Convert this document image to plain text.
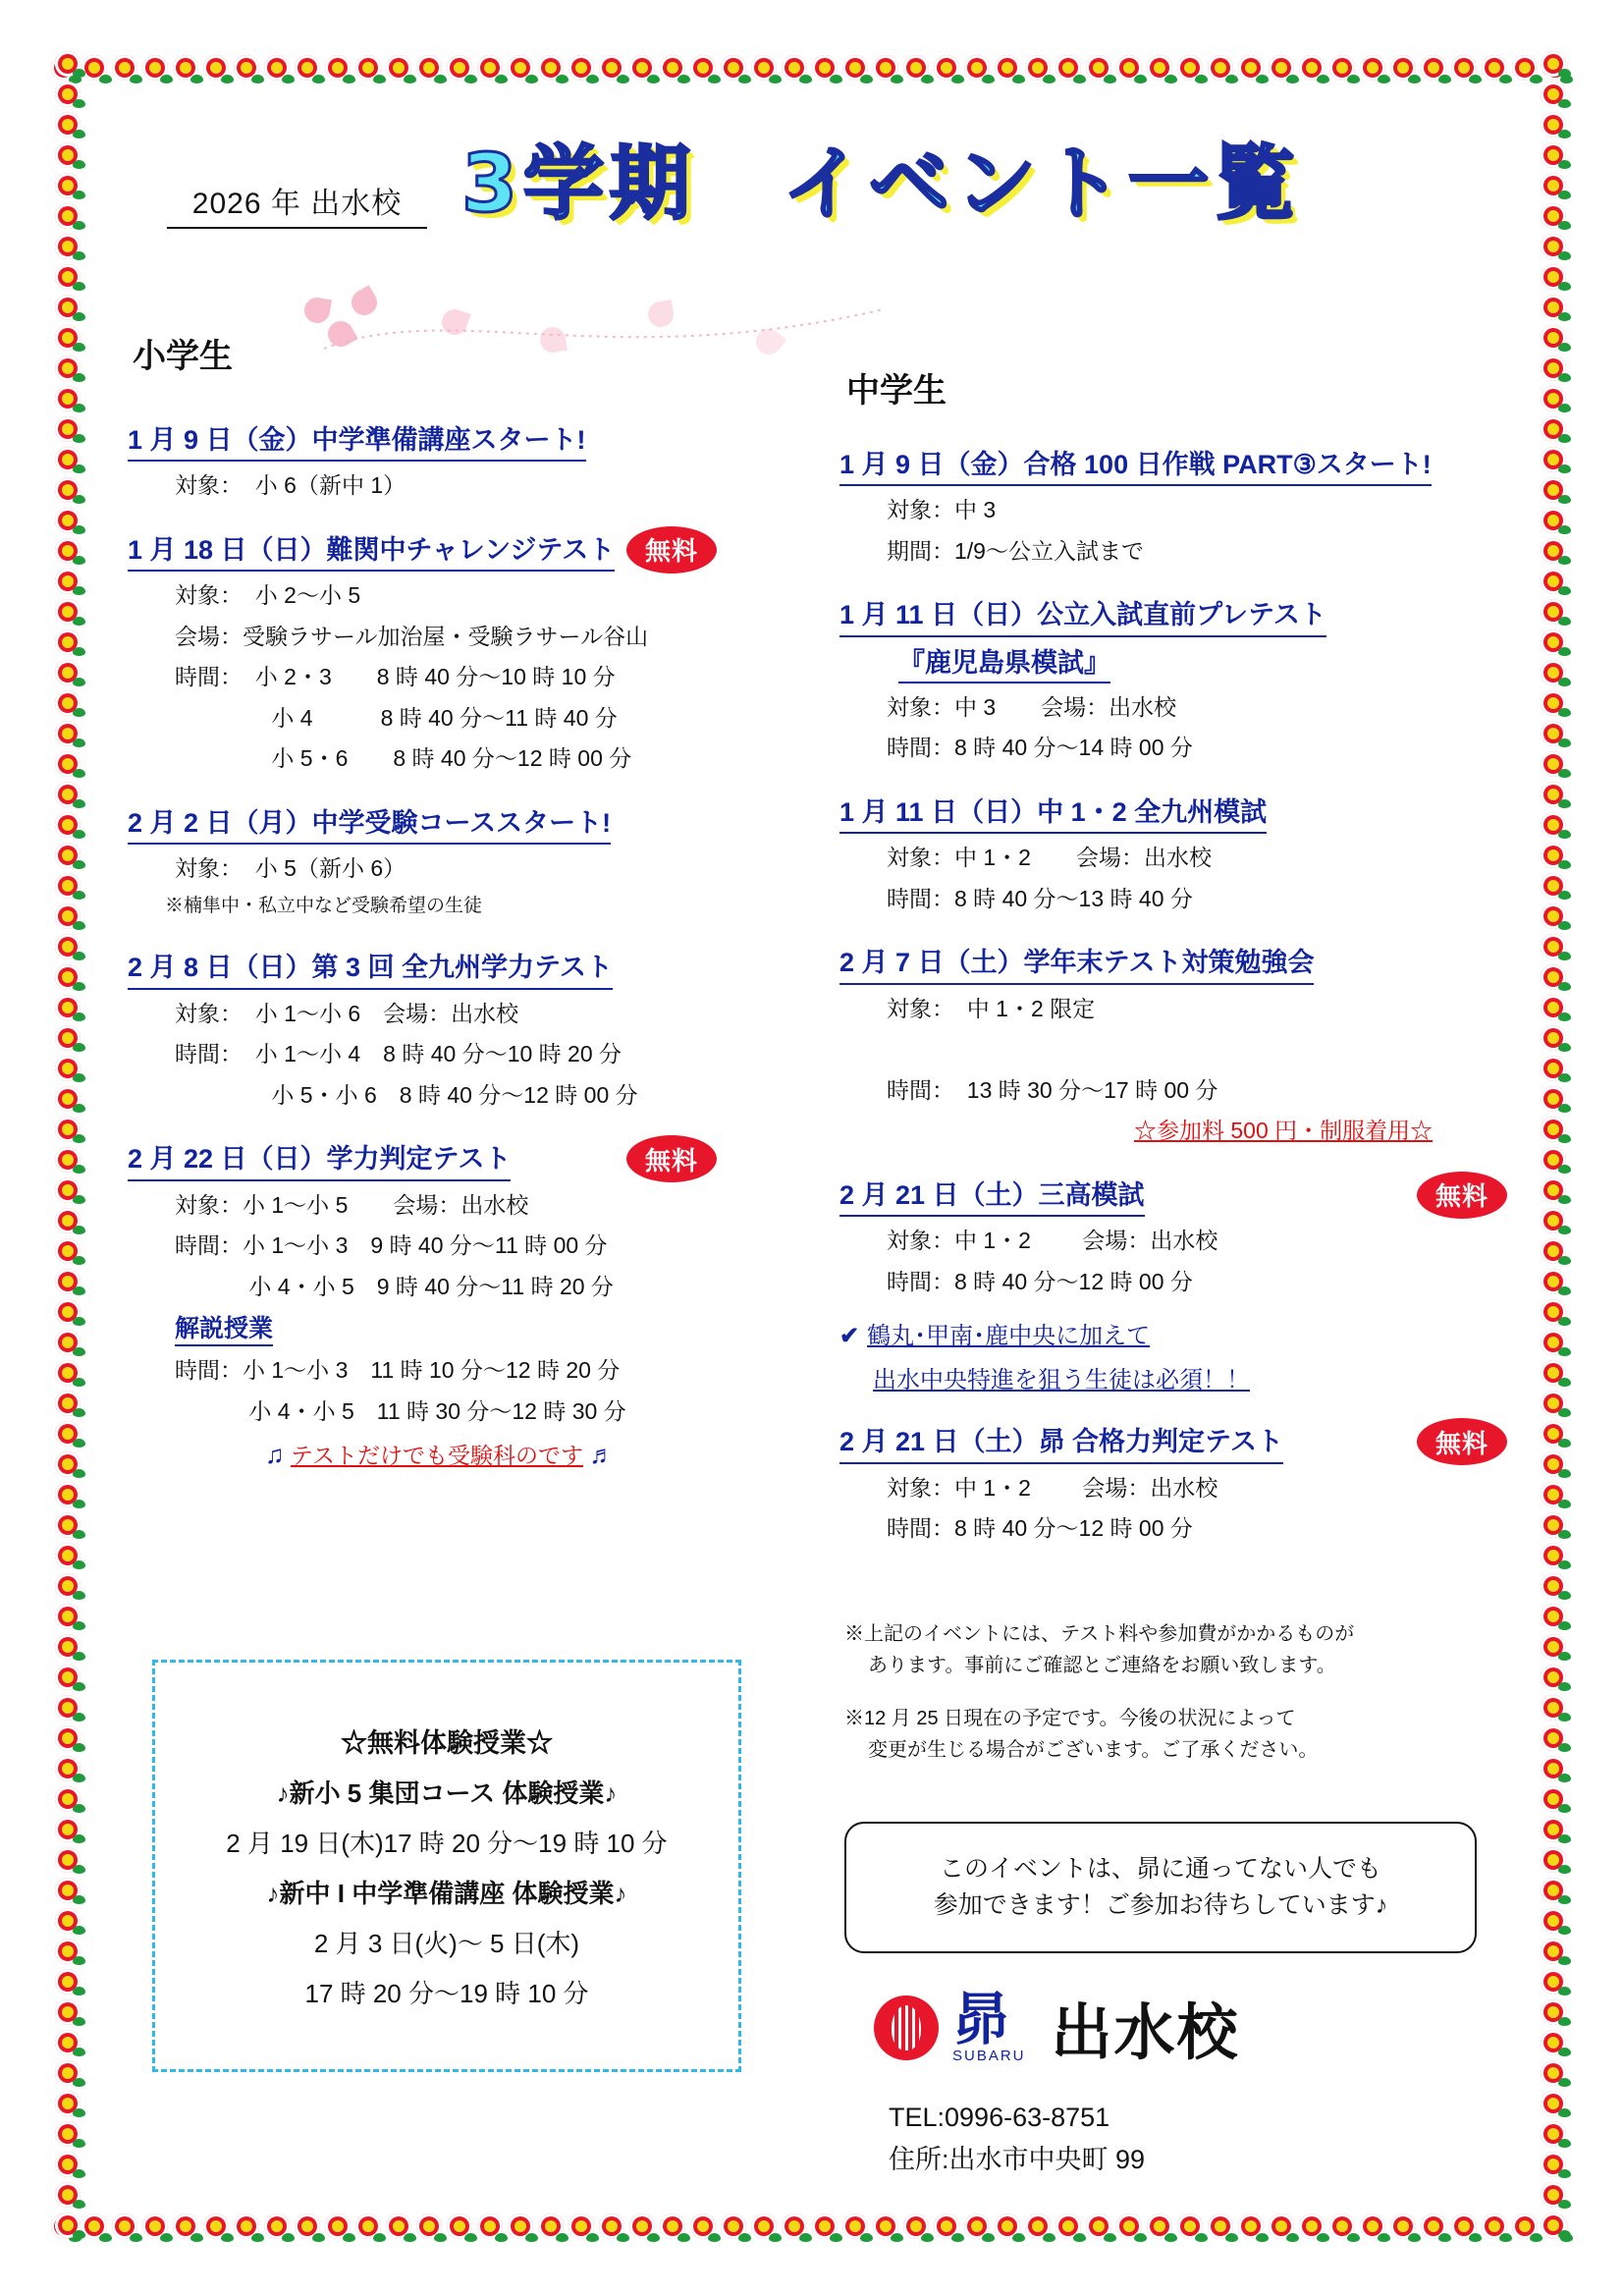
2026 年 出水校 3学期　イベント一覧
小学生
中学生
1 月 9 日（金）中学準備講座スタート!
対象：  小 6（新中 1）
1 月 18 日（日）難関中チャレンジテスト	無料
対象：  小 2〜小 5
会場：受験ラサール加治屋・受験ラサール谷山
時間：  小 2・3　　8 時 40 分〜10 時 10 分
　　　　 小 4　　　8 時 40 分〜11 時 40 分
　　　　 小 5・6　　8 時 40 分〜12 時 00 分
2 月 2 日（月）中学受験コーススタート!
対象：  小 5（新小 6）
※楠隼中・私立中など受験希望の生徒
2 月 8 日（日）第 3 回 全九州学力テスト
対象：  小 1〜小 6　会場：出水校
時間：  小 1〜小 4　8 時 40 分〜10 時 20 分
　　　　 小 5・小 6　8 時 40 分〜12 時 00 分
2 月 22 日（日）学力判定テスト	無料
対象：小 1〜小 5　　会場：出水校
時間：小 1〜小 3　9 時 40 分〜11 時 00 分
　　　 小 4・小 5　9 時 40 分〜11 時 20 分
解説授業
時間：小 1〜小 3　11 時 10 分〜12 時 20 分
　　　 小 4・小 5　11 時 30 分〜12 時 30 分
♫ テストだけでも受験科のです ♬
1 月 9 日（金）合格 100 日作戦 PART③スタート!
対象：中 3
期間：1/9〜公立入試まで
1 月 11 日（日）公立入試直前プレテスト『鹿児島県模試』
対象：中 3　　会場：出水校
時間：8 時 40 分〜14 時 00 分
1 月 11 日（日）中 1・2 全九州模試
対象：中 1・2　　会場：出水校
時間：8 時 40 分〜13 時 40 分
2 月 7 日（土）学年末テスト対策勉強会
対象：  中 1・2 限定

時間：  13 時 30 分〜17 時 00 分
☆参加料 500 円・制服着用☆
2 月 21 日（土）三高模試	無料
対象：中 1・2　　 会場：出水校
時間：8 時 40 分〜12 時 00 分
✔ 鶴丸･甲南･鹿中央に加えて
出水中央特進を狙う生徒は必須！！
2 月 21 日（土）昴 合格力判定テスト	無料
対象：中 1・2　　 会場：出水校
時間：8 時 40 分〜12 時 00 分
☆無料体験授業☆
♪新小 5 集団コース 体験授業♪
2 月 19 日(木)17 時 20 分〜19 時 10 分
♪新中 I 中学準備講座 体験授業♪
2 月 3 日(火)〜 5 日(木)
17 時 20 分〜19 時 10 分

※上記のイベントには、テスト料や参加費がかかるものが
あります。事前にご確認とご連絡をお願い致します。

※12 月 25 日現在の予定です。今後の状況によって
変更が生じる場合がございます。ご了承ください。

このイベントは、昴に通ってない人でも
参加できます！ご参加お待ちしています♪
昴
SUBARU 出水校
TEL:0996-63-8751
住所:出水市中央町 99
